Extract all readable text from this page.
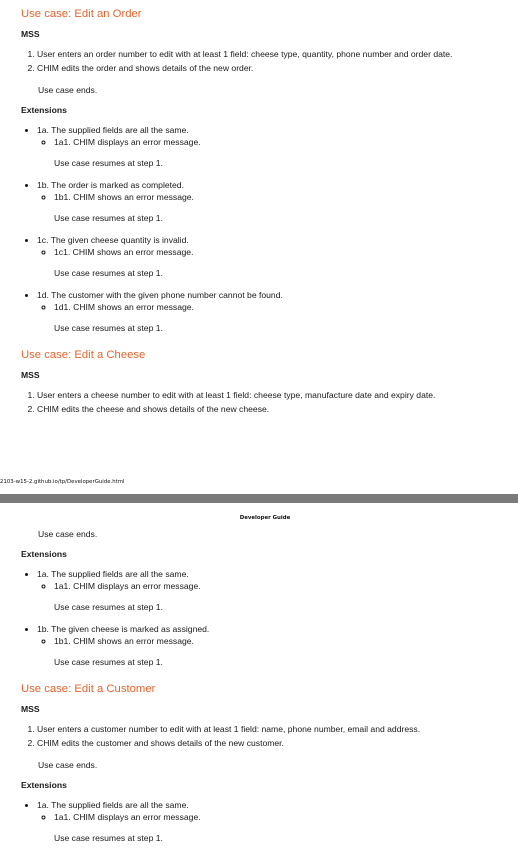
Use case: Edit an Order
MSS
1. User enters an order number to edit with at least 1 field: cheese type, quantity, phone number and order date.
2. CHIM edits the order and shows details of the new order.

Use case ends.

Extensions
• 1a. The supplied fields are all the same.
◦ 1a1. CHIM displays an error message.

Use case resumes at step 1.

• 1b. The order is marked as completed.
◦ 1b1. CHIM shows an error message.

Use case resumes at step 1.

• 1c. The given cheese quantity is invalid.
◦ 1c1. CHIM shows an error message.

Use case resumes at step 1.

• 1d. The customer with the given phone number cannot be found.
◦ 1d1. CHIM shows an error message.

Use case resumes at step 1.

Use case: Edit a Cheese
MSS
1. User enters a cheese number to edit with at least 1 field: cheese type, manufacture date and expiry date.
2. CHIM edits the cheese and shows details of the new cheese.
2103-w15-2.github.io/tp/DeveloperGuide.html
Developer Guide

Use case ends.

Extensions
• 1a. The supplied fields are all the same.
◦ 1a1. CHIM displays an error message.

Use case resumes at step 1.

• 1b. The given cheese is marked as assigned.
◦ 1b1. CHIM shows an error message.

Use case resumes at step 1.

Use case: Edit a Customer
MSS
1. User enters a customer number to edit with at least 1 field: name, phone number, email and address.
2. CHIM edits the customer and shows details of the new customer.

Use case ends.

Extensions
• 1a. The supplied fields are all the same.
◦ 1a1. CHIM displays an error message.

Use case resumes at step 1.
